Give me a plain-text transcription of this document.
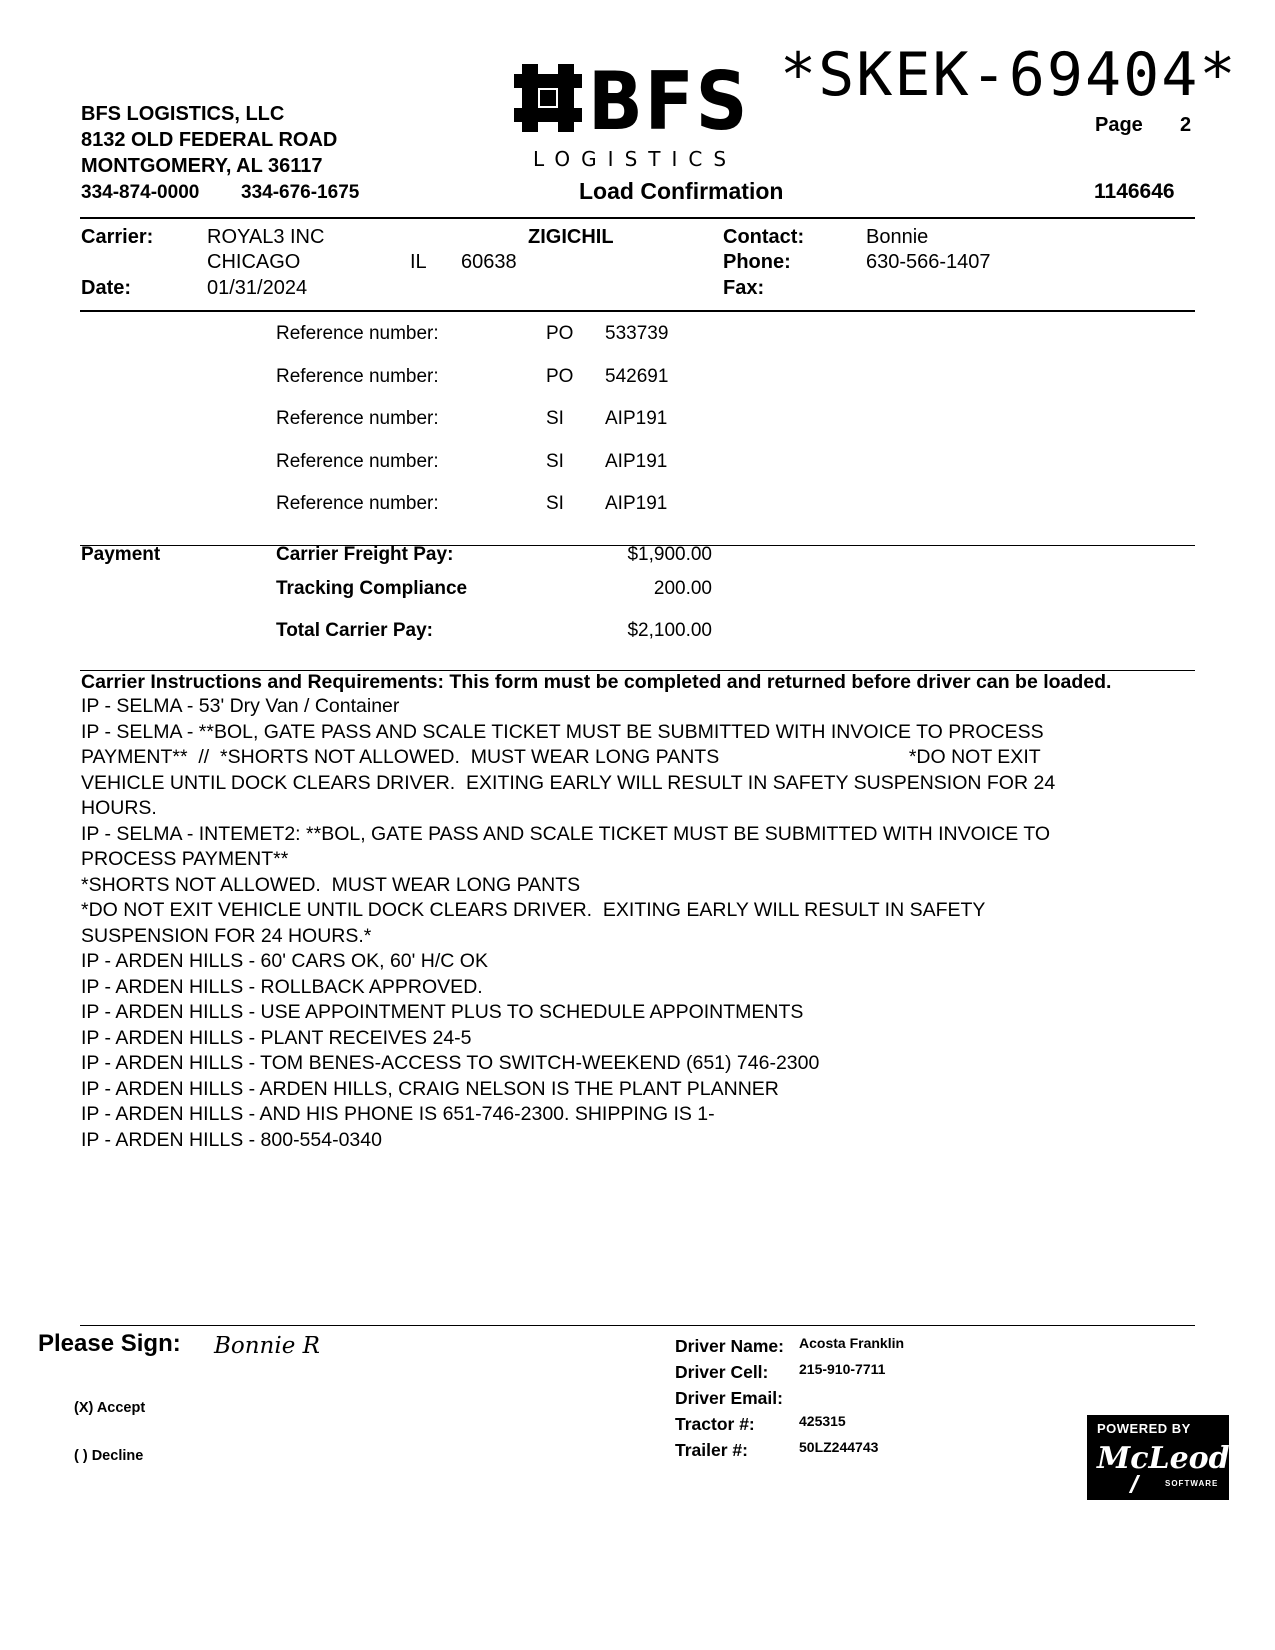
BFS LOGISTICS, LLC
8132 OLD FEDERAL ROAD
MONTGOMERY, AL 36117
334-874-0000 334-676-1675
BFS
LOGISTICS
*SKEK-69404*
Page 2
Load Confirmation	1146646
Carrier:	ROYAL3 INC	ZIGICHIL
CHICAGO	IL 60638
Date:	01/31/2024
Contact:	Bonnie
Phone:	630-566-1407
Fax:
Reference number:	PO 533739
Reference number:	PO 542691
Reference number:	SI AIP191
Reference number:	SI AIP191
Reference number:	SI AIP191
Payment	Carrier Freight Pay:	$1,900.00
Tracking Compliance	200.00
Total Carrier Pay:	$2,100.00
Carrier Instructions and Requirements: This form must be completed and returned before driver can be loaded.
IP - SELMA - 53' Dry Van / Container
IP - SELMA - **BOL, GATE PASS AND SCALE TICKET MUST BE SUBMITTED WITH INVOICE TO PROCESS
PAYMENT**  //  *SHORTS NOT ALLOWED.  MUST WEAR LONG PANTS                                   *DO NOT EXIT
VEHICLE UNTIL DOCK CLEARS DRIVER.  EXITING EARLY WILL RESULT IN SAFETY SUSPENSION FOR 24
HOURS.
IP - SELMA - INTEMET2: **BOL, GATE PASS AND SCALE TICKET MUST BE SUBMITTED WITH INVOICE TO
PROCESS PAYMENT**
*SHORTS NOT ALLOWED.  MUST WEAR LONG PANTS
*DO NOT EXIT VEHICLE UNTIL DOCK CLEARS DRIVER.  EXITING EARLY WILL RESULT IN SAFETY
SUSPENSION FOR 24 HOURS.*
IP - ARDEN HILLS - 60' CARS OK, 60' H/C OK
IP - ARDEN HILLS - ROLLBACK APPROVED.
IP - ARDEN HILLS - USE APPOINTMENT PLUS TO SCHEDULE APPOINTMENTS
IP - ARDEN HILLS - PLANT RECEIVES 24-5
IP - ARDEN HILLS - TOM BENES-ACCESS TO SWITCH-WEEKEND (651) 746-2300
IP - ARDEN HILLS - ARDEN HILLS, CRAIG NELSON IS THE PLANT PLANNER
IP - ARDEN HILLS - AND HIS PHONE IS 651-746-2300. SHIPPING IS 1-
IP - ARDEN HILLS - 800-554-0340
Please Sign: Bonnie R
(X) Accept
( ) Decline
Driver Name: Acosta Franklin
Driver Cell: 215-910-7711
Driver Email:
Tractor #:	425315
Trailer #:	50LZ244743
POWERED BY
McLeod
SOFTWARE
